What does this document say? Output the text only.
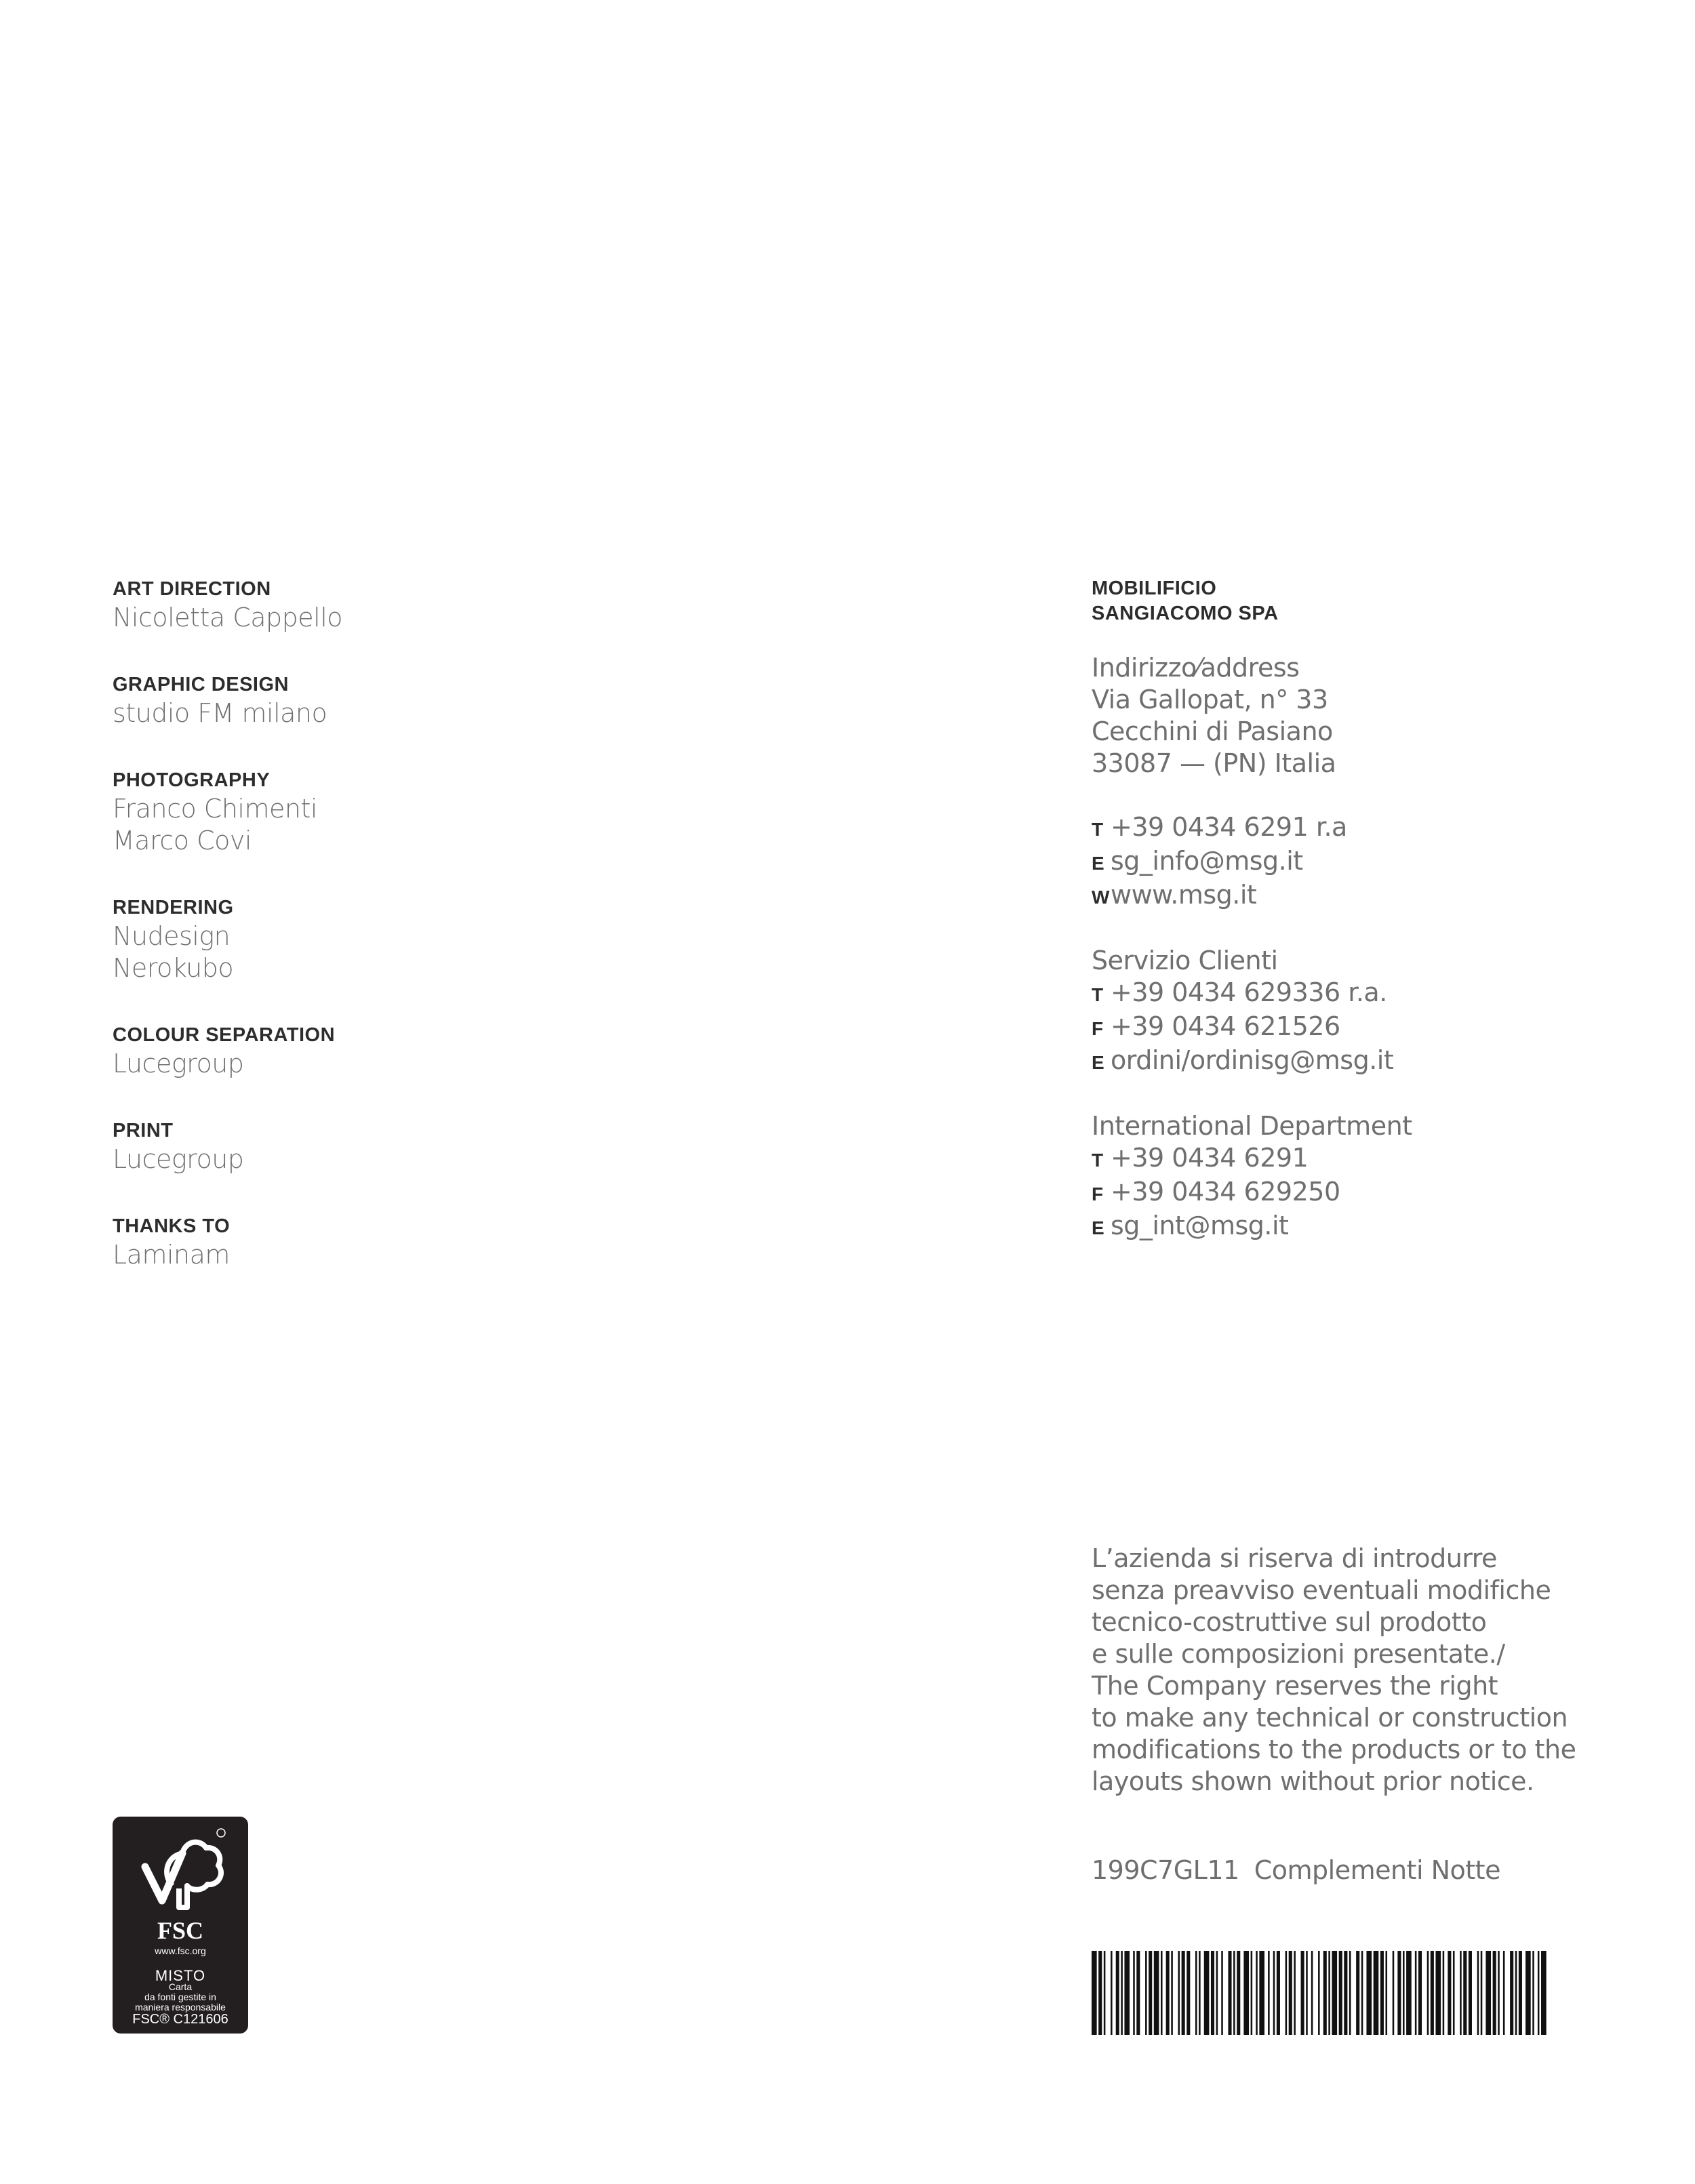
ART DIRECTION
Nicoletta Cappello
GRAPHIC DESIGN
studio FM milano
PHOTOGRAPHY
Franco Chimenti
Marco Covi
RENDERING
Nudesign
Nerokubo
COLOUR SEPARATION
Lucegroup
PRINT
Lucegroup
THANKS TO
Laminam
MOBILIFICIO
SANGIACOMO SPA
Indirizzo⁄address
Via Gallopat, n° 33
Cecchini di Pasiano
33087 — (PN) Italia
T +39 0434 6291 r.a
E sg_info@msg.it
Wwww.msg.it
Servizio Clienti
T +39 0434 629336 r.a.
F +39 0434 621526
E ordini/ordinisg@msg.it
International Department
T +39 0434 6291
F +39 0434 629250
E sg_int@msg.it
L’azienda si riserva di introdurre
senza preavviso eventuali modifiche
tecnico-costruttive sul prodotto
e sulle composizioni presentate./
The Company reserves the right
to make any technical or construction
modifications to the products or to the
layouts shown without prior notice.
199C7GL11 Complementi Notte
FSC
www.fsc.org
MISTO
Carta
da fonti gestite in
maniera responsabile
FSC® C121606
